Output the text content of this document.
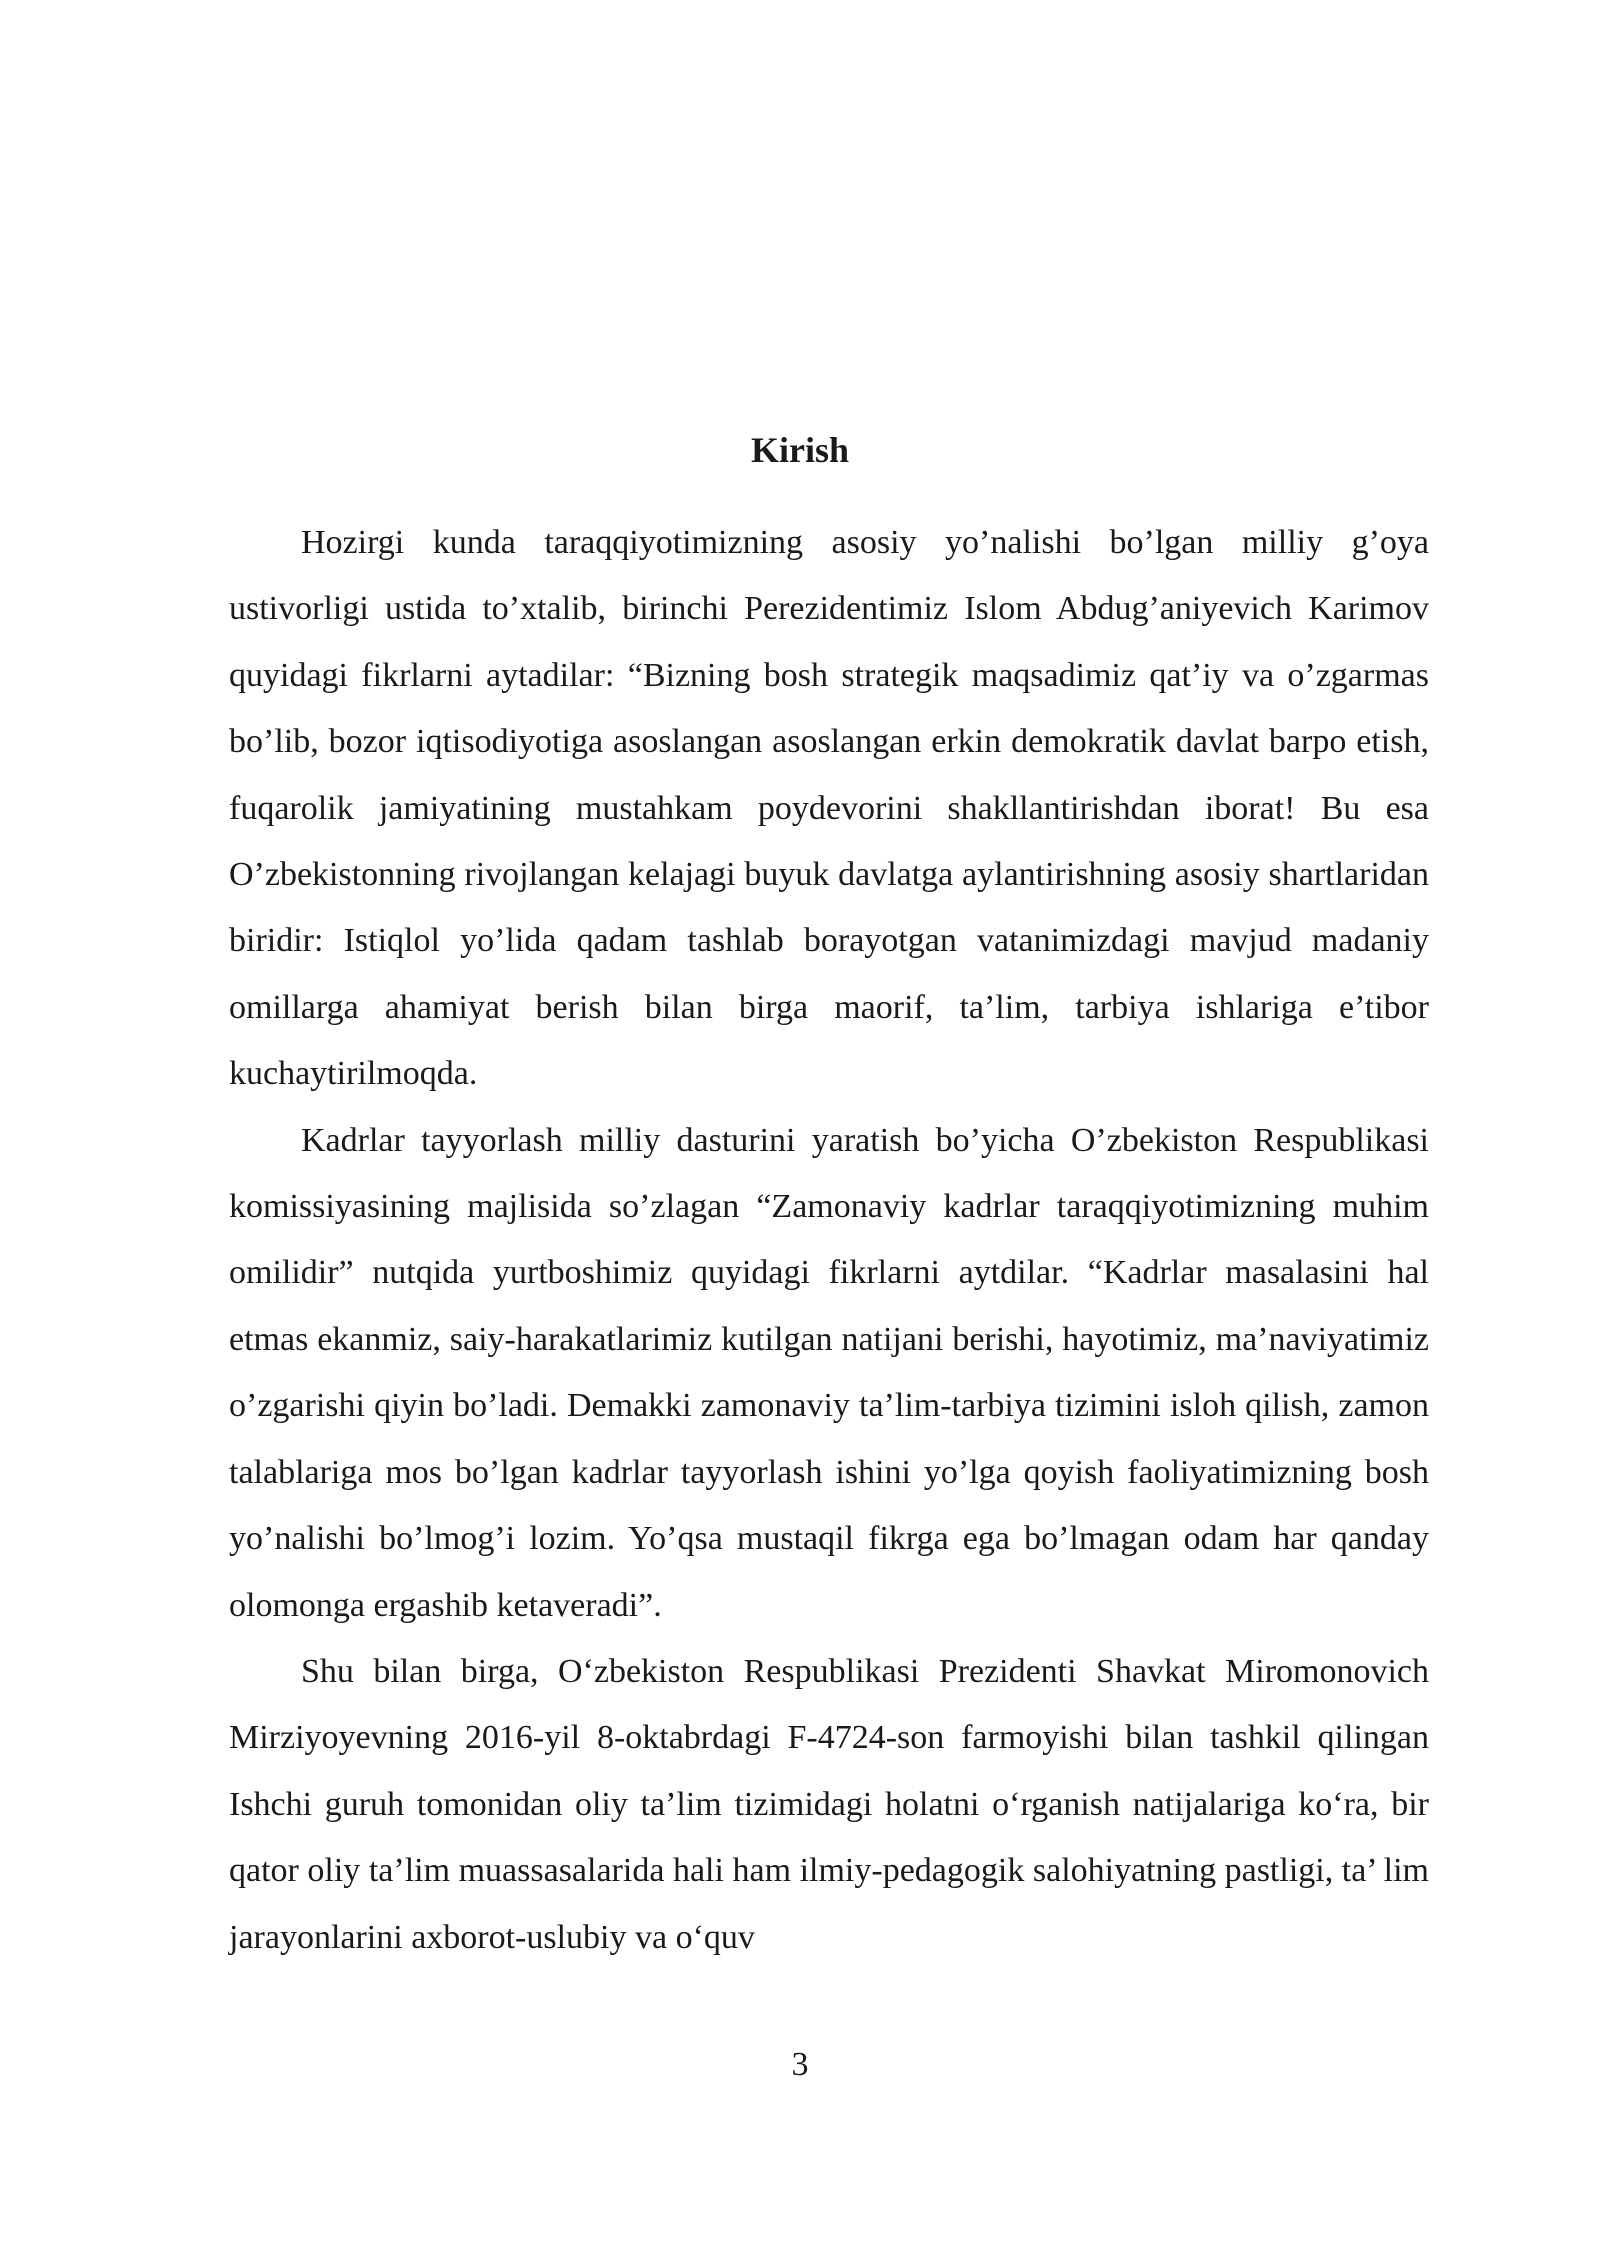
Kirish

Hozirgi kunda taraqqiyotimizning asosiy yo’nalishi bo’lgan milliy g’oya ustivorligi ustida to’xtalib, birinchi Perezidentimiz Islom Abdug’aniyevich Karimov quyidagi fikrlarni aytadilar: “Bizning bosh strategik maqsadimiz qat’iy va o’zgarmas bo’lib, bozor iqtisodiyotiga asoslangan asoslangan erkin demokratik davlat barpo etish, fuqarolik jamiyatining mustahkam poydevorini shakllantirishdan iborat! Bu esa O’zbekistonning rivojlangan kelajagi buyuk davlatga aylantirishning asosiy shartlaridan biridir: Istiqlol yo’lida qadam tashlab borayotgan vatanimizdagi mavjud madaniy omillarga ahamiyat berish bilan birga maorif, ta’lim, tarbiya ishlariga e’tibor kuchaytirilmoqda.

Kadrlar tayyorlash milliy dasturini yaratish bo’yicha O’zbekiston Respublikasi komissiyasining majlisida so’zlagan “Zamonaviy kadrlar taraqqiyotimizning muhim omilidir” nutqida yurtboshimiz quyidagi fikrlarni aytdilar. “Kadrlar masalasini hal etmas ekanmiz, saiy-harakatlarimiz kutilgan natijani berishi, hayotimiz, ma’naviyatimiz o’zgarishi qiyin bo’ladi. Demakki zamonaviy ta’lim-tarbiya tizimini isloh qilish, zamon talablariga mos bo’lgan kadrlar tayyorlash ishini yo’lga qoyish faoliyatimizning bosh yo’nalishi bo’lmog’i lozim. Yo’qsa mustaqil fikrga ega bo’lmagan odam har qanday olomonga ergashib ketaveradi”.

Shu bilan birga, O‘zbekiston Respublikasi Prezidenti Shavkat Miromonovich Mirziyoyevning 2016-yil 8-oktabrdagi F-4724-son farmoyishi bilan tashkil qilingan Ishchi guruh tomonidan oliy ta’lim tizimidagi holatni o‘rganish natijalariga ko‘ra, bir qator oliy ta’lim muassasalarida hali ham ilmiy-pedagogik salohiyatning pastligi, ta’ lim jarayonlarini axborot-uslubiy va o‘quv

3
